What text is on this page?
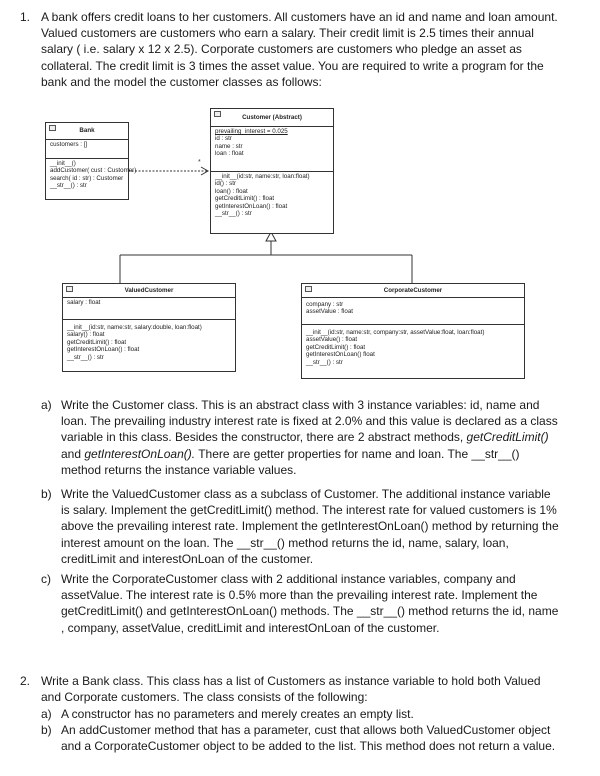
1. A bank offers credit loans to her customers. All customers have an id and name and loan amount. Valued customers are customers who earn a salary. Their credit limit is 2.5 times their annual salary ( i.e. salary x 12 x 2.5). Corporate customers are customers who pledge an asset as collateral. The credit limit is 3 times the asset value. You are required to write a program for the bank and the model the customer classes as follows:
*
Bank
customers : []
__init__()
addCustomer( cust : Customer)
search( id : str) : Customer
__str__() : str
Customer (Abstract)
prevailing_interest = 0.025
id : str
name : str
loan : float
__init__(id:str, name:str, loan:float)
id() : str
loan() : float
getCreditLimit() : float
getInterestOnLoan() : float
__str__() : str
ValuedCustomer
salary : float
__init__(id:str, name:str, salary:double, loan:float)
salary() : float
getCreditLimit() : float
getInterestOnLoan() : float
__str__() : str
CorporateCustomer
company : str
assetValue : float
__init__(id:str, name:str, company:str, assetValue:float, loan:float)
assetValue() : float
getCreditLimit() : float
getInterestOnLoan() float
__str__() : str
a) Write the Customer class. This is an abstract class with 3 instance variables: id, name and loan. The prevailing industry interest rate is fixed at 2.0% and this value is declared as a class variable in this class. Besides the constructor, there are 2 abstract methods, getCreditLimit() and getInterestOnLoan(). There are getter properties for name and loan. The __str__() method returns the instance variable values.
b) Write the ValuedCustomer class as a subclass of Customer. The additional instance variable is salary. Implement the getCreditLimit() method. The interest rate for valued customers is 1% above the prevailing interest rate. Implement the getInterestOnLoan() method by returning the interest amount on the loan. The __str__() method returns the id, name, salary, loan, creditLimit and interestOnLoan of the customer.
c) Write the CorporateCustomer class with 2 additional instance variables, company and assetValue. The interest rate is 0.5% more than the prevailing interest rate. Implement the getCreditLimit() and getInterestOnLoan() methods. The __str__() method returns the id, name , company, assetValue, creditLimit and interestOnLoan of the customer.
2. Write a Bank class. This class has a list of Customers as instance variable to hold both Valued and Corporate customers. The class consists of the following:
a) A constructor has no parameters and merely creates an empty list.
b) An addCustomer method that has a parameter, cust that allows both ValuedCustomer object and a CorporateCustomer object to be added to the list. This method does not return a value.
